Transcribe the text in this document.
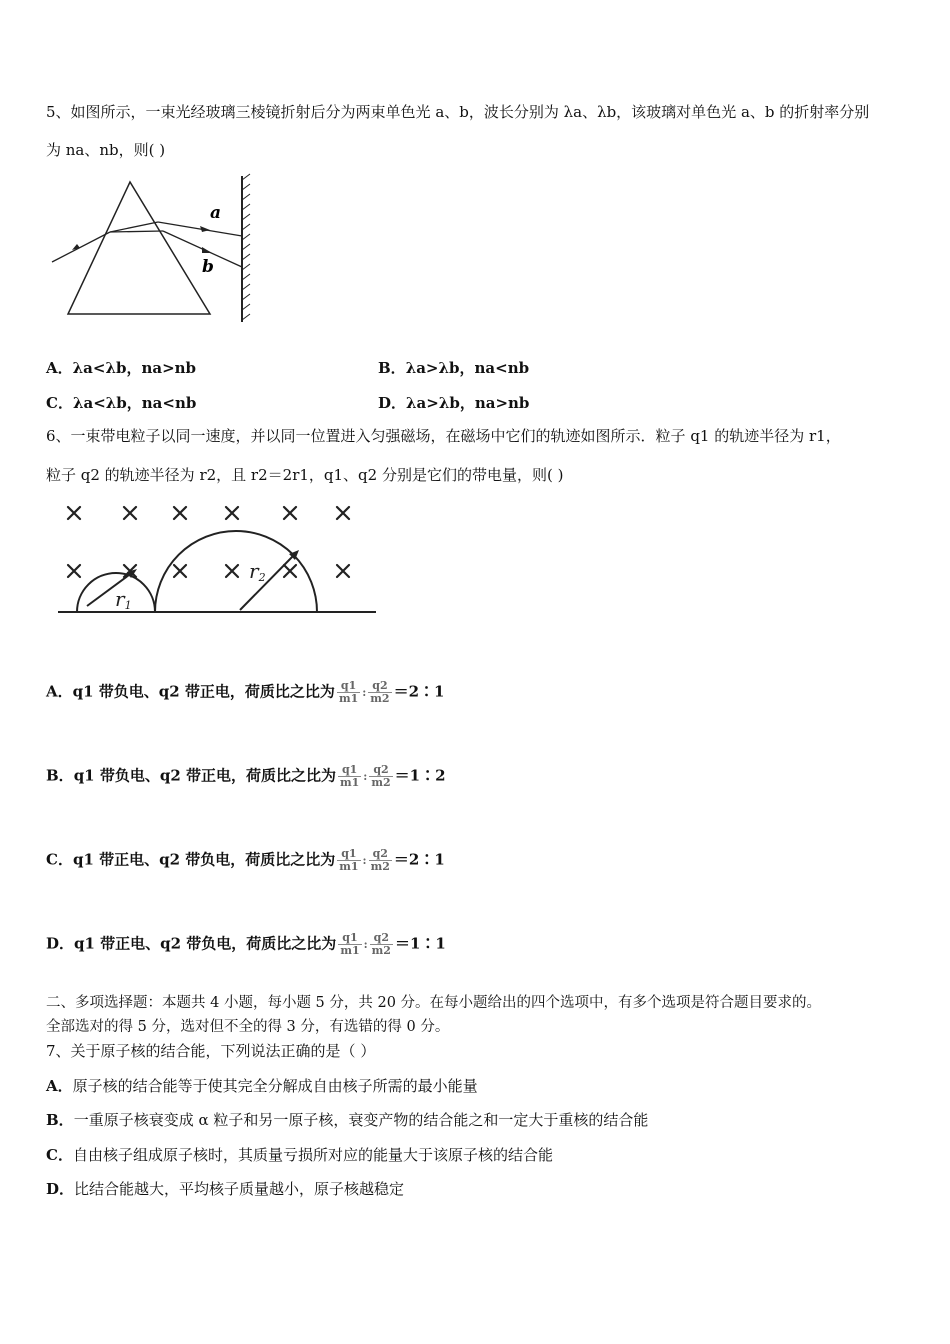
5、如图所示，一束光经玻璃三棱镜折射后分为两束单色光 a、b，波长分别为 λa、λb，该玻璃对单色光 a、b 的折射率分别
为 na、nb，则( )
a
b
A．λa<λb，na>nb	B．λa>λb，na<nb
C．λa<λb，na<nb	D．λa>λb，na>nb
6、一束带电粒子以同一速度，并以同一位置进入匀强磁场，在磁场中它们的轨迹如图所示．粒子 q1 的轨迹半径为 r1，
粒子 q2 的轨迹半径为 r2，且 r2＝2r1，q1、q2 分别是它们的带电量，则( )
r1
r2
A．q1 带负电、q2 带正电，荷质比之比为 $\frac{q1}{m1}$ : $\frac{q2}{m2}$ ＝2∶1
B．q1 带负电、q2 带正电，荷质比之比为 $\frac{q1}{m1}$ : $\frac{q2}{m2}$ ＝1∶2
C．q1 带正电、q2 带负电，荷质比之比为 $\frac{q1}{m1}$ : $\frac{q2}{m2}$ ＝2∶1
D．q1 带正电、q2 带负电，荷质比之比为 $\frac{q1}{m1}$ : $\frac{q2}{m2}$ ＝1∶1
二、多项选择题：本题共 4 小题，每小题 5 分，共 20 分。在每小题给出的四个选项中，有多个选项是符合题目要求的。
全部选对的得 5 分，选对但不全的得 3 分，有选错的得 0 分。
7、关于原子核的结合能，下列说法正确的是（ ）
A．原子核的结合能等于使其完全分解成自由核子所需的最小能量
B．一重原子核衰变成 α 粒子和另一原子核，衰变产物的结合能之和一定大于重核的结合能
C．自由核子组成原子核时，其质量亏损所对应的能量大于该原子核的结合能
D．比结合能越大，平均核子质量越小，原子核越稳定
